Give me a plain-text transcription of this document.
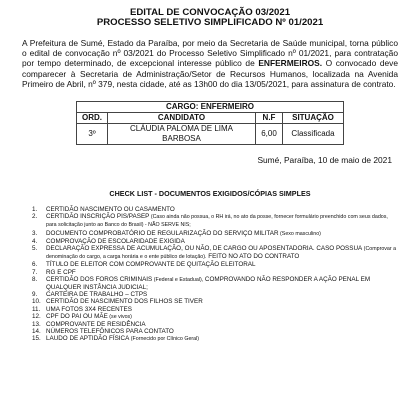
EDITAL DE CONVOCAÇÃO 03/2021
PROCESSO SELETIVO SIMPLIFICADO Nº 01/2021
A Prefeitura de Sumé, Estado da Paraíba, por meio da Secretaria de Saúde municipal, torna público o edital de convocação nº 03/2021 do Processo Seletivo Simplificado nº 01/2021, para contratação por tempo determinado, de excepcional interesse público de ENFERMEIROS. O convocado deve comparecer à Secretaria de Administração/Setor de Recursos Humanos, localizada na Avenida Primeiro de Abril, nº 379, nesta cidade, até as 13h00 do dia 13/05/2021, para assinatura de contrato.
CARGO: ENFERMEIRO			
ORD.	CANDIDATO	N.F	SITUAÇÃO
3º	CLÁUDIA PALOMA DE LIMA BARBOSA	6,00	Classificada
Sumé, Paraíba, 10 de maio de 2021
CHECK LIST - DOCUMENTOS EXIGIDOS/CÓPIAS SIMPLES
1.	CERTIDÃO NASCIMENTO OU CASAMENTO
2.	CERTIDÃO INSCRIÇÃO PIS/PASEP (Caso ainda não possua, o RH irá, no ato da posse, fornecer formulário preenchido com seus dados, para solicitação junto ao Banco do Brasil) - NÃO SERVE NIS;
3.	DOCUMENTO COMPROBATÓRIO DE REGULARIZAÇÃO DO SERVIÇO MILITAR (Sexo masculino)
4.	COMPROVAÇÃO DE ESCOLARIDADE EXIGIDA
5.	DECLARAÇÃO EXPRESSA DE ACUMULAÇÃO, OU NÃO, DE CARGO OU APOSENTADORIA. CASO POSSUA (Comprovar a denominação do cargo, a carga horária e o ente público de lotação). FEITO NO ATO DO CONTRATO
6.	TÍTULO DE ELEITOR COM COMPROVANTE DE QUITAÇÃO ELEITORAL
7.	RG E CPF
8.	CERTIDÃO DOS FOROS CRIMINAIS (Federal e Estadual), COMPROVANDO NÃO RESPONDER A AÇÃO PENAL EM QUALQUER INSTÂNCIA JUDICIAL;
9.	CARTEIRA DE TRABALHO – CTPS
10. CERTIDÃO DE NASCIMENTO DOS FILHOS SE TIVER
11. UMA FOTOS 3X4 RECENTES
12. CPF DO PAI OU MÃE (se vivos)
13. COMPROVANTE DE RESIDÊNCIA
14. NÚMEROS TELEFÔNICOS PARA CONTATO
15. LAUDO DE APTIDÃO FÍSICA (Fornecido por Clínico Geral)
